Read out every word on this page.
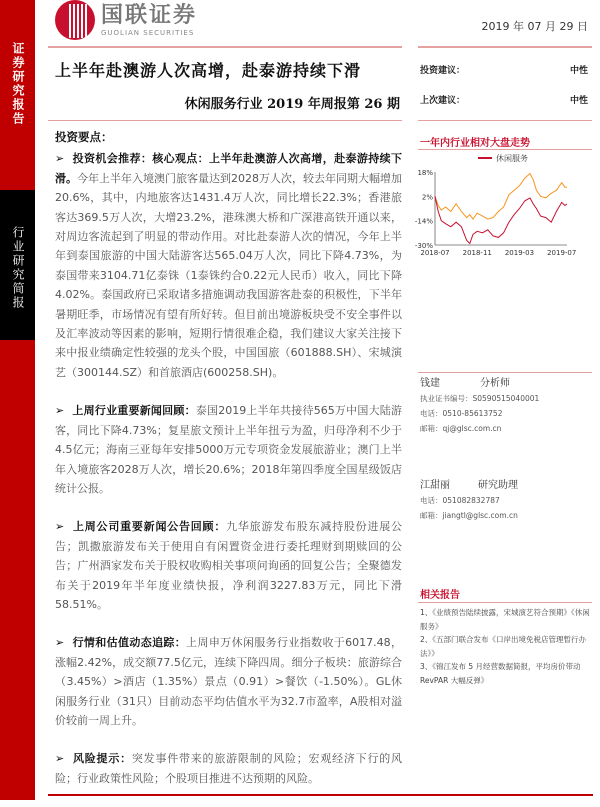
证券研究报告
行业研究简报
国联证券
GUOLIAN SECURITIES	2019 年 07 月 29 日
上半年赴澳游人次高增，赴泰游持续下滑
休闲服务行业 2019 年周报第 26 期
投资建议：	中性
上次建议：	中性
投资要点：
➢ 投资机会推荐：核心观点：上半年赴澳游人次高增，赴泰游持续下滑。今年上半年入境澳门旅客量达到2028万人次，较去年同期大幅增加20.6%，其中，内地旅客达1431.4万人次，同比增长22.3%；香港旅客达369.5万人次，大增23.2%，港珠澳大桥和广深港高铁开通以来，对周边客流起到了明显的带动作用。对比赴泰游人次的情况，今年上半年到泰国旅游的中国大陆游客达565.04万人次，同比下降4.73%，为泰国带来3104.71亿泰铢（1泰铢约合0.22元人民币）收入，同比下降4.02%。泰国政府已采取诸多措施调动我国游客赴泰的积极性，下半年暑期旺季，市场情况有望有所好转。但目前出境游板块受不安全事件以及汇率波动等因素的影响，短期行情很难企稳，我们建议大家关注接下来中报业绩确定性较强的龙头个股，中国国旅（601888.SH）、宋城演艺（300144.SZ）和首旅酒店(600258.SH)。
➢ 上周行业重要新闻回顾：泰国2019上半年共接待565万中国大陆游客，同比下降4.73%；复星旅文预计上半年扭亏为盈，归母净利不少于4.5亿元；海南三亚每年安排5000万元专项资金发展旅游业；澳门上半年入境旅客2028万人次，增长20.6%；2018年第四季度全国星级饭店统计公报。
➢ 上周公司重要新闻公告回顾：九华旅游发布股东减持股份进展公告；凯撒旅游发布关于使用自有闲置资金进行委托理财到期赎回的公告；广州酒家发布关于股权收购相关事项问询函的回复公告；全聚德发布关于2019年半年度业绩快报，净利润3227.83万元，同比下滑58.51%。
➢ 行情和估值动态追踪：上周申万休闲服务行业指数收于6017.48，涨幅2.42%，成交额77.5亿元，连续下降四周。细分子板块：旅游综合（3.45%）>酒店（1.35%）景点（0.91）>餐饮（-1.50%）。GL休闲服务行业（31只）目前动态平均估值水平为32.7市盈率，A股相对溢价较前一周上升。
➢ 风险提示：突发事件带来的旅游限制的风险；宏观经济下行的风险；行业政策性风险；个股项目推进不达预期的风险。
一年内行业相对大盘走势
休闲服务
18%
2%
-14%
-30%
2018-07 2018-11 2019-03 2019-07
钱建	分析师
执业证书编号：S0590515040001
电话：0510-85613752
邮箱：qj@glsc.com.cn
江甜丽	研究助理
电话：051082832787
邮箱：jiangtl@glsc.com.cn
相关报告
1、《业绩预告陆续披露，宋城演艺符合预期》《休闲服务》
2、《五部门联合发布《口岸出境免税店管理暂行办法》》
3、《锦江发布 5 月经营数据简报，平均房价带动 RevPAR 大幅反弹》
